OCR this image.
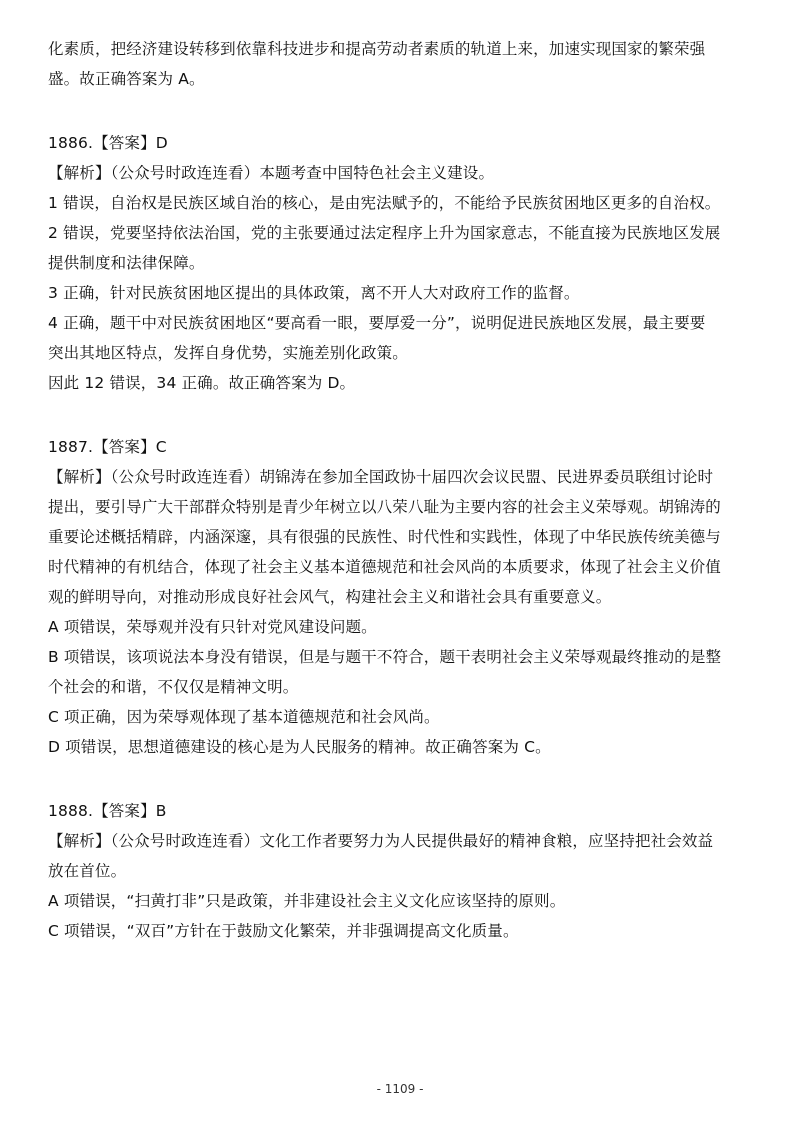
化素质，把经济建设转移到依靠科技进步和提高劳动者素质的轨道上来，加速实现国家的繁荣强

盛。故正确答案为 A。

1886.【答案】D

【解析】（公众号时政连连看）本题考查中国特色社会主义建设。

1 错误，自治权是民族区域自治的核心，是由宪法赋予的，不能给予民族贫困地区更多的自治权。

2 错误，党要坚持依法治国，党的主张要通过法定程序上升为国家意志，不能直接为民族地区发展

提供制度和法律保障。

3 正确，针对民族贫困地区提出的具体政策，离不开人大对政府工作的监督。

4 正确，题干中对民族贫困地区“要高看一眼，要厚爱一分”，说明促进民族地区发展，最主要要

突出其地区特点，发挥自身优势，实施差别化政策。

因此 12 错误，34 正确。故正确答案为 D。

1887.【答案】C

【解析】（公众号时政连连看）胡锦涛在参加全国政协十届四次会议民盟、民进界委员联组讨论时

提出，要引导广大干部群众特别是青少年树立以八荣八耻为主要内容的社会主义荣辱观。胡锦涛的

重要论述概括精辟，内涵深邃，具有很强的民族性、时代性和实践性，体现了中华民族传统美德与

时代精神的有机结合，体现了社会主义基本道德规范和社会风尚的本质要求，体现了社会主义价值

观的鲜明导向，对推动形成良好社会风气，构建社会主义和谐社会具有重要意义。

A 项错误，荣辱观并没有只针对党风建设问题。

B 项错误，该项说法本身没有错误，但是与题干不符合，题干表明社会主义荣辱观最终推动的是整

个社会的和谐，不仅仅是精神文明。

C 项正确，因为荣辱观体现了基本道德规范和社会风尚。

D 项错误，思想道德建设的核心是为人民服务的精神。故正确答案为 C。

1888.【答案】B

【解析】（公众号时政连连看）文化工作者要努力为人民提供最好的精神食粮，应坚持把社会效益

放在首位。

A 项错误，“扫黄打非”只是政策，并非建设社会主义文化应该坚持的原则。

C 项错误，“双百”方针在于鼓励文化繁荣，并非强调提高文化质量。

- 1109 -
